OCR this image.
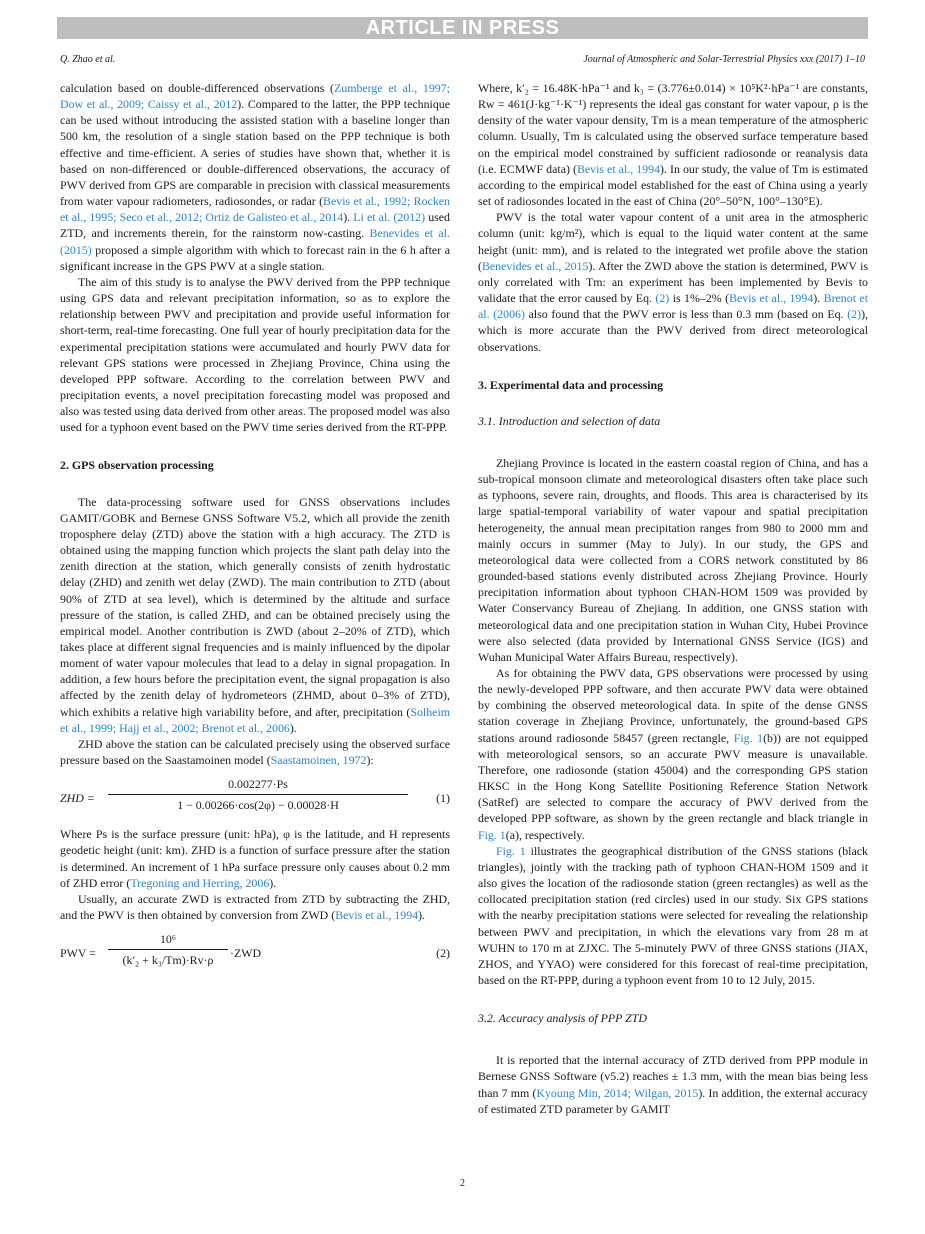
ARTICLE IN PRESS
Q. Zhao et al.	Journal of Atmospheric and Solar-Terrestrial Physics xxx (2017) 1–10

calculation based on double-differenced observations (Zumberge et al., 1997; Dow et al., 2009; Caissy et al., 2012). Compared to the latter, the PPP technique can be used without introducing the assisted station with a baseline longer than 500 km, the resolution of a single station based on the PPP technique is both effective and time-efficient. A series of studies have shown that, whether it is based on non-differenced or double-differenced observations, the accuracy of PWV derived from GPS are comparable in precision with classical measurements from water vapour radiometers, radiosondes, or radar (Bevis et al., 1992; Rocken et al., 1995; Seco et al., 2012; Ortiz de Galisteo et al., 2014). Li et al. (2012) used ZTD, and increments therein, for the rainstorm now-casting. Benevides et al. (2015) proposed a simple algorithm with which to forecast rain in the 6 h after a significant increase in the GPS PWV at a single station.

The aim of this study is to analyse the PWV derived from the PPP technique using GPS data and relevant precipitation information, so as to explore the relationship between PWV and precipitation and provide useful information for short-term, real-time forecasting. One full year of hourly precipitation data for the experimental precipitation stations were accumulated and hourly PWV data for relevant GPS stations were processed in Zhejiang Province, China using the developed PPP software. According to the correlation between PWV and precipitation events, a novel precipitation forecasting model was proposed and also was tested using data derived from other areas. The proposed model was also used for a typhoon event based on the PWV time series derived from the RT-PPP.

2. GPS observation processing

The data-processing software used for GNSS observations includes GAMIT/GOBK and Bernese GNSS Software V5.2, which all provide the zenith troposphere delay (ZTD) above the station with a high accuracy. The ZTD is obtained using the mapping function which projects the slant path delay into the zenith direction at the station, which generally consists of zenith hydrostatic delay (ZHD) and zenith wet delay (ZWD). The main contribution to ZTD (about 90% of ZTD at sea level), which is determined by the altitude and surface pressure of the station, is called ZHD, and can be obtained precisely using the empirical model. Another contribution is ZWD (about 2–20% of ZTD), which takes place at different signal frequencies and is mainly influenced by the dipolar moment of water vapour molecules that lead to a delay in signal propagation. In addition, a few hours before the precipitation event, the signal propagation is also affected by the zenith delay of hydrometeors (ZHMD, about 0–3% of ZTD), which exhibits a relative high variability before, and after, precipitation (Solheim et al., 1999; Hajj et al., 2002; Brenot et al., 2006).

ZHD above the station can be calculated precisely using the observed surface pressure based on the Saastamoinen model (Saastamoinen, 1972):

ZHD = $\frac{0.002277\cdot Ps}{1 - 0.00266\cdot\cos(2\varphi) - 0.00028\cdot H} (1)$

Where Ps is the surface pressure (unit: hPa), φ is the latitude, and H represents geodetic height (unit: km). ZHD is a function of surface pressure after the station is determined. An increment of 1 hPa surface pressure only causes about 0.2 mm of ZHD error (Tregoning and Herring, 2006).

Usually, an accurate ZWD is extracted from ZTD by subtracting the ZHD, and the PWV is then obtained by conversion from ZWD (Bevis et al., 1994).

PWV = $\frac{\text{10⁶}}{\text{(k′₂ + k₃/Tm)·Rv·ρ}} \cdot ZWD$	(2)

Where, k′₂ = 16.48K·hPa⁻¹ and k₃ = (3.776±0.014) × 10⁵K²·hPa⁻¹ are constants, Rw = 461(J·kg⁻¹·K⁻¹) represents the ideal gas constant for water vapour, ρ is the density of the water vapour density, Tm is a mean temperature of the atmospheric column. Usually, Tm is calculated using the observed surface temperature based on the empirical model constrained by sufficient radiosonde or reanalysis data (i.e. ECMWF data) (Bevis et al., 1994). In our study, the value of Tm is estimated according to the empirical model established for the east of China using a yearly set of radiosondes located in the east of China (20°–50°N, 100°–130°E).

PWV is the total water vapour content of a unit area in the atmospheric column (unit: kg/m²), which is equal to the liquid water content at the same height (unit: mm), and is related to the integrated wet profile above the station (Benevides et al., 2015). After the ZWD above the station is determined, PWV is only correlated with Tm: an experiment has been implemented by Bevis to validate that the error caused by Eq. (2) is 1%–2% (Bevis et al., 1994). Brenot et al. (2006) also found that the PWV error is less than 0.3 mm (based on Eq. (2)), which is more accurate than the PWV derived from direct meteorological observations.

3. Experimental data and processing
3.1. Introduction and selection of data

Zhejiang Province is located in the eastern coastal region of China, and has a sub-tropical monsoon climate and meteorological disasters often take place such as typhoons, severe rain, droughts, and floods. This area is characterised by its large spatial-temporal variability of water vapour and spatial precipitation heterogeneity, the annual mean precipitation ranges from 980 to 2000 mm and mainly occurs in summer (May to July). In our study, the GPS and meteorological data were collected from a CORS network constituted by 86 grounded-based stations evenly distributed across Zhejiang Province. Hourly precipitation information about typhoon CHAN-HOM 1509 was provided by Water Conservancy Bureau of Zhejiang. In addition, one GNSS station with meteorological data and one precipitation station in Wuhan City, Hubei Province were also selected (data provided by International GNSS Service (IGS) and Wuhan Municipal Water Affairs Bureau, respectively).

As for obtaining the PWV data, GPS observations were processed by using the newly-developed PPP software, and then accurate PWV data were obtained by combining the observed meteorological data. In spite of the dense GNSS station coverage in Zhejiang Province, unfortunately, the ground-based GPS stations around radiosonde 58457 (green rectangle, Fig. 1(b)) are not equipped with meteorological sensors, so an accurate PWV measure is unavailable. Therefore, one radiosonde (station 45004) and the corresponding GPS station HKSC in the Hong Kong Satellite Positioning Reference Station Network (SatRef) are selected to compare the accuracy of PWV derived from the developed PPP software, as shown by the green rectangle and black triangle in Fig. 1(a), respectively.

Fig. 1 illustrates the geographical distribution of the GNSS stations (black triangles), jointly with the tracking path of typhoon CHAN-HOM 1509 and it also gives the location of the radiosonde station (green rectangles) as well as the collocated precipitation station (red circles) used in our study. Six GPS stations with the nearby precipitation stations were selected for revealing the relationship between PWV and precipitation, in which the elevations vary from 28 m at WUHN to 170 m at ZJXC. The 5-minutely PWV of three GNSS stations (JIAX, ZHOS, and YYAO) were considered for this forecast of real-time precipitation, based on the RT-PPP, during a typhoon event from 10 to 12 July, 2015.

3.2. Accuracy analysis of PPP ZTD

It is reported that the internal accuracy of ZTD derived from PPP module in Bernese GNSS Software (v5.2) reaches ± 1.3 mm, with the mean bias being less than 7 mm (Kyoung Min, 2014; Wilgan, 2015). In addition, the external accuracy of estimated ZTD parameter by GAMIT

2
